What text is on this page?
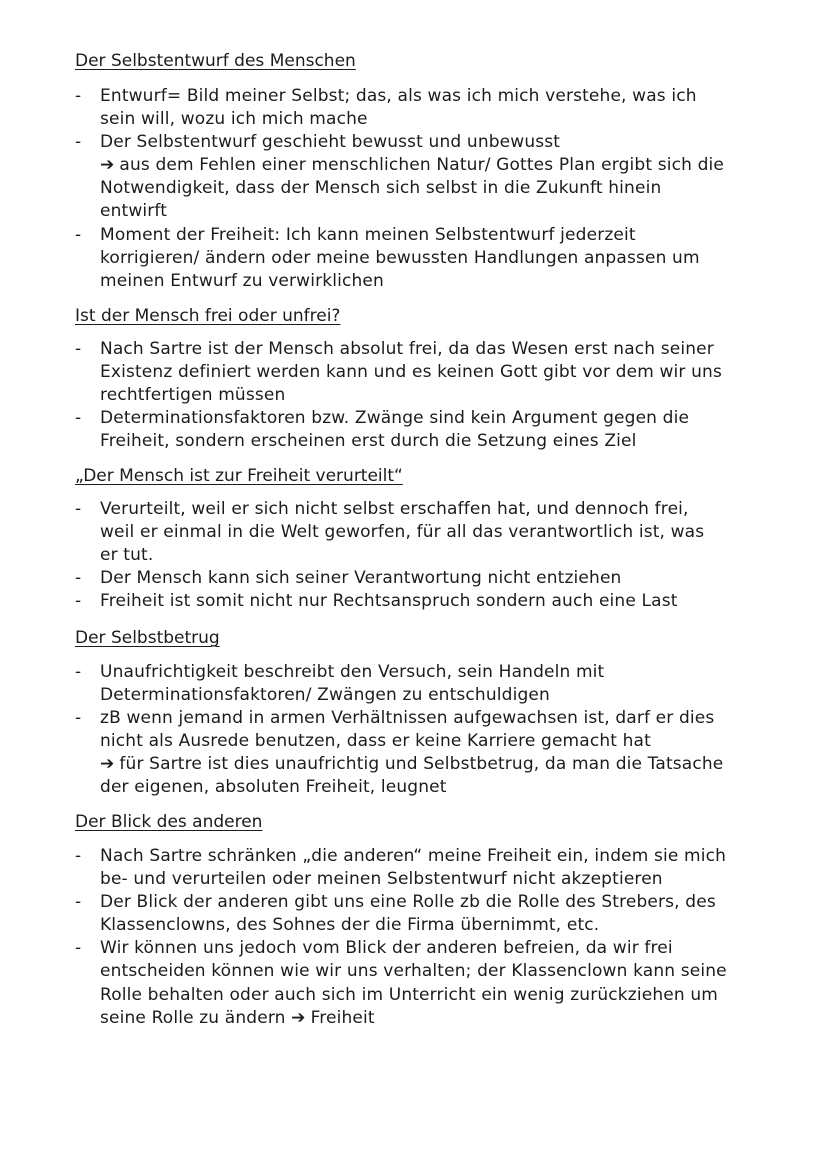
Der Selbstentwurf des Menschen
- Entwurf= Bild meiner Selbst; das, als was ich mich verstehe, was ich
sein will, wozu ich mich mache
- Der Selbstentwurf geschieht bewusst und unbewusst
➔ aus dem Fehlen einer menschlichen Natur/ Gottes Plan ergibt sich die
Notwendigkeit, dass der Mensch sich selbst in die Zukunft hinein
entwirft
- Moment der Freiheit: Ich kann meinen Selbstentwurf jederzeit
korrigieren/ ändern oder meine bewussten Handlungen anpassen um
meinen Entwurf zu verwirklichen
Ist der Mensch frei oder unfrei?
- Nach Sartre ist der Mensch absolut frei, da das Wesen erst nach seiner
Existenz definiert werden kann und es keinen Gott gibt vor dem wir uns
rechtfertigen müssen
- Determinationsfaktoren bzw. Zwänge sind kein Argument gegen die
Freiheit, sondern erscheinen erst durch die Setzung eines Ziel
„Der Mensch ist zur Freiheit verurteilt“
- Verurteilt, weil er sich nicht selbst erschaffen hat, und dennoch frei,
weil er einmal in die Welt geworfen, für all das verantwortlich ist, was
er tut.
- Der Mensch kann sich seiner Verantwortung nicht entziehen
- Freiheit ist somit nicht nur Rechtsanspruch sondern auch eine Last
Der Selbstbetrug
- Unaufrichtigkeit beschreibt den Versuch, sein Handeln mit
Determinationsfaktoren/ Zwängen zu entschuldigen
- zB wenn jemand in armen Verhältnissen aufgewachsen ist, darf er dies
nicht als Ausrede benutzen, dass er keine Karriere gemacht hat
➔ für Sartre ist dies unaufrichtig und Selbstbetrug, da man die Tatsache
der eigenen, absoluten Freiheit, leugnet
Der Blick des anderen
- Nach Sartre schränken „die anderen“ meine Freiheit ein, indem sie mich
be- und verurteilen oder meinen Selbstentwurf nicht akzeptieren
- Der Blick der anderen gibt uns eine Rolle zb die Rolle des Strebers, des
Klassenclowns, des Sohnes der die Firma übernimmt, etc.
- Wir können uns jedoch vom Blick der anderen befreien, da wir frei
entscheiden können wie wir uns verhalten; der Klassenclown kann seine
Rolle behalten oder auch sich im Unterricht ein wenig zurückziehen um
seine Rolle zu ändern ➔ Freiheit
